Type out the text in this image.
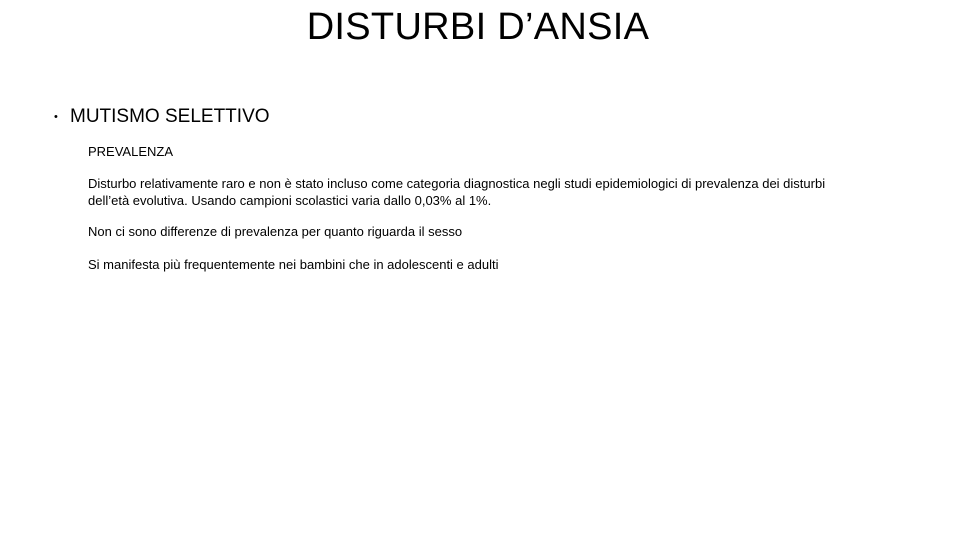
DISTURBI D’ANSIA
• MUTISMO SELETTIVO
PREVALENZA
Disturbo relativamente raro e non è stato incluso come categoria diagnostica negli studi epidemiologici di prevalenza dei disturbi
dell’età evolutiva. Usando campioni scolastici varia dallo 0,03% al 1%.
Non ci sono differenze di prevalenza per quanto riguarda il sesso
Si manifesta più frequentemente nei bambini che in adolescenti e adulti
